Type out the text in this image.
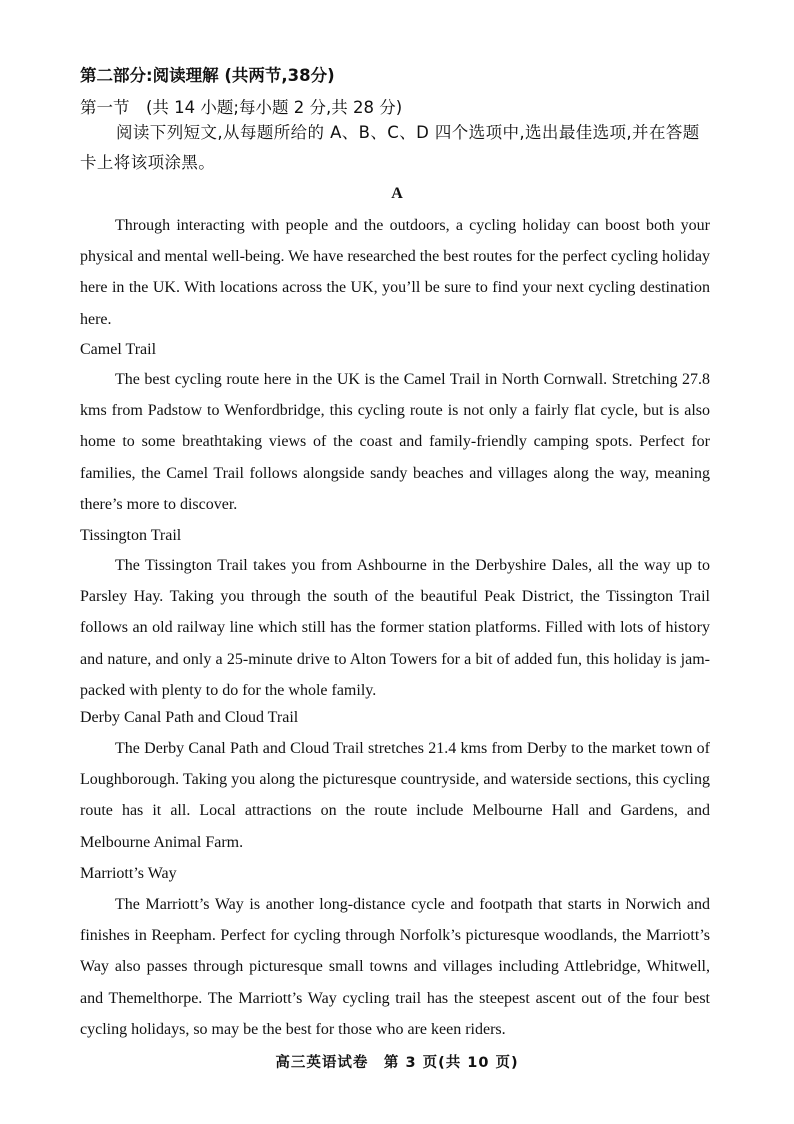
第二部分:阅读理解 (共两节,38分)
第一节　(共 14 小题;每小题 2 分,共 28 分)
阅读下列短文,从每题所给的 A、B、C、D 四个选项中,选出最佳选项,并在答题卡上将该项涂黑。
A
Through interacting with people and the outdoors, a cycling holiday can boost both your physical and mental well-being. We have researched the best routes for the perfect cycling holiday here in the UK. With locations across the UK, you’ll be sure to find your next cycling destination here.
Camel Trail
The best cycling route here in the UK is the Camel Trail in North Cornwall. Stretching 27.8 kms from Padstow to Wenfordbridge, this cycling route is not only a fairly flat cycle, but is also home to some breathtaking views of the coast and family-friendly camping spots. Perfect for families, the Camel Trail follows alongside sandy beaches and villages along the way, meaning there’s more to discover.
Tissington Trail
The Tissington Trail takes you from Ashbourne in the Derbyshire Dales, all the way up to Parsley Hay. Taking you through the south of the beautiful Peak District, the Tissington Trail follows an old railway line which still has the former station platforms. Filled with lots of history and nature, and only a 25-minute drive to Alton Towers for a bit of added fun, this holiday is jam-packed with plenty to do for the whole family.
Derby Canal Path and Cloud Trail
The Derby Canal Path and Cloud Trail stretches 21.4 kms from Derby to the market town of Loughborough. Taking you along the picturesque countryside, and waterside sections, this cycling route has it all. Local attractions on the route include Melbourne Hall and Gardens, and Melbourne Animal Farm.
Marriott’s Way
The Marriott’s Way is another long-distance cycle and footpath that starts in Norwich and finishes in Reepham. Perfect for cycling through Norfolk’s picturesque woodlands, the Marriott’s Way also passes through picturesque small towns and villages including Attlebridge, Whitwell, and Themelthorpe. The Marriott’s Way cycling trail has the steepest ascent out of the four best cycling holidays, so may be the best for those who are keen riders.
高三英语试卷　第 3 页(共 10 页)
